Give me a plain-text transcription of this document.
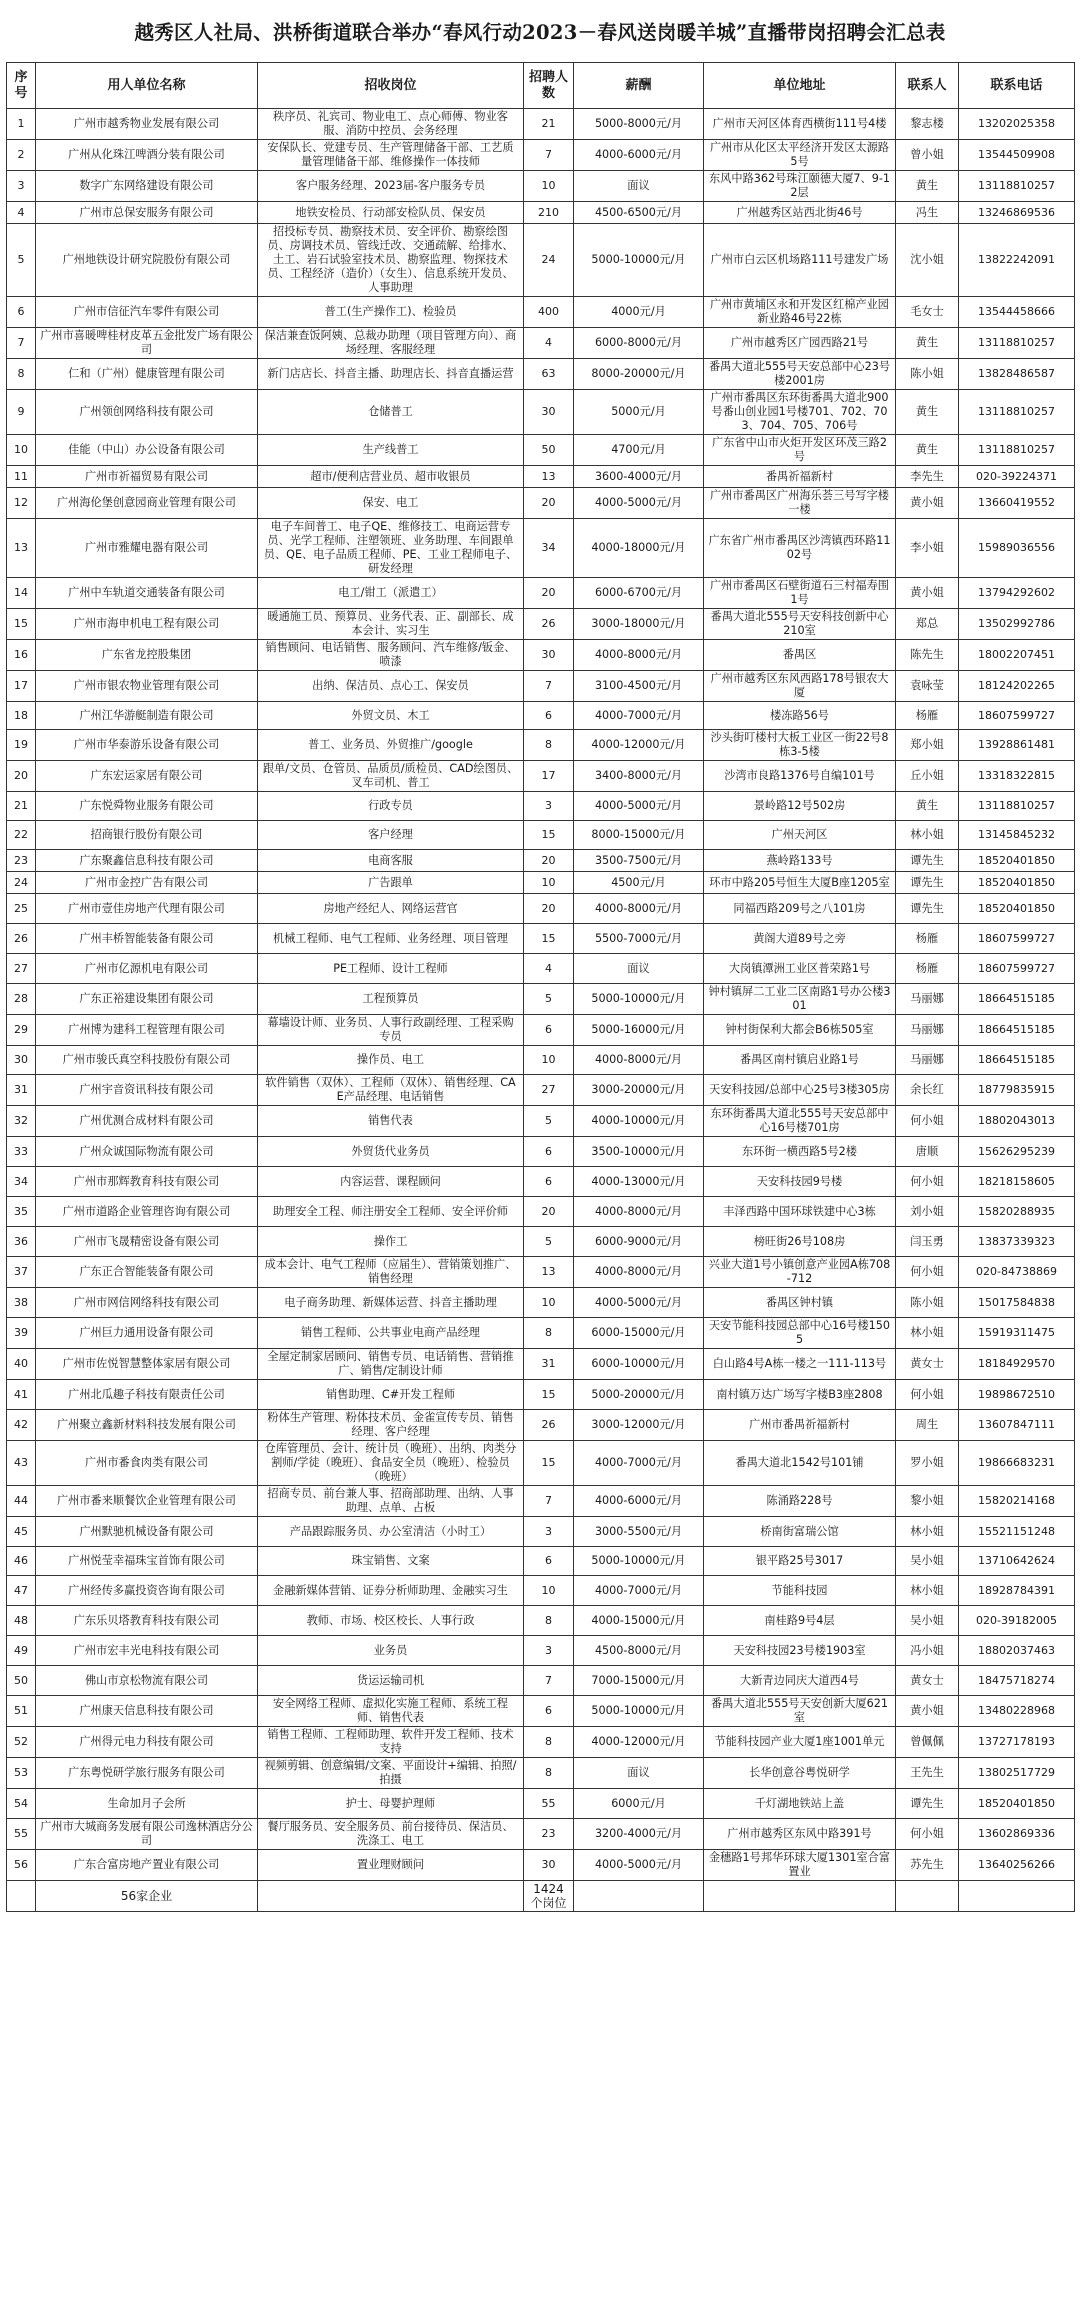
越秀区人社局、洪桥街道联合举办“春风行动2023－春风送岗暖羊城”直播带岗招聘会汇总表
序号	用人单位名称	招收岗位	招聘人数	薪酬	单位地址	联系人	联系电话
1	广州市越秀物业发展有限公司	秩序员、礼宾司、物业电工、点心师傅、物业客服、消防中控员、会务经理	21	5000-8000元/月	广州市天河区体育西横街111号4楼	黎志楼	13202025358
2	广州从化珠江啤酒分装有限公司	安保队长、党建专员、生产管理储备干部、工艺质量管理储备干部、维修操作一体技师	7	4000-6000元/月	广州市从化区太平经济开发区太源路5号	曾小姐	13544509908
3	数字广东网络建设有限公司	客户服务经理、2023届-客户服务专员	10	面议	东风中路362号珠江颐德大厦7、9-12层	黄生	13118810257
4	广州市总保安服务有限公司	地铁安检员、行动部安检队员、保安员	210	4500-6500元/月	广州越秀区站西北街46号	冯生	13246869536
5	广州地铁设计研究院股份有限公司	招投标专员、勘察技术员、安全评价、勘察绘图员、房调技术员、管线迁改、交通疏解、给排水、土工、岩石试验室技术员、勘察监理、物探技术员、工程经济（造价）（女生）、信息系统开发员、人事助理	24	5000-10000元/月	广州市白云区机场路111号建发广场	沈小姐	13822242091
6	广州市信征汽车零件有限公司	普工(生产操作工)、检验员	400	4000元/月	广州市黄埔区永和开发区红棉产业园新业路46号22栋	毛女士	13544458666
7	广州市喜暖啤桂材皮革五金批发广场有限公司	保洁兼查饭阿姨、总裁办助理（项目管理方向）、商场经理、客服经理	4	6000-8000元/月	广州市越秀区广园西路21号	黄生	13118810257
8	仁和（广州）健康管理有限公司	新门店店长、抖音主播、助理店长、抖音直播运营	63	8000-20000元/月	番禺大道北555号天安总部中心23号楼2001房	陈小姐	13828486587
9	广州领创网络科技有限公司	仓储普工	30	5000元/月	广州市番禺区东环街番禺大道北900号番山创业园1号楼701、702、703、704、705、706号	黄生	13118810257
10	佳能（中山）办公设备有限公司	生产线普工	50	4700元/月	广东省中山市火炬开发区环茂三路2号	黄生	13118810257
11	广州市祈福贸易有限公司	超市/便利店营业员、超市收银员	13	3600-4000元/月	番禺祈福新村	李先生	020-39224371
12	广州海伦堡创意园商业管理有限公司	保安、电工	20	4000-5000元/月	广州市番禺区广州海乐荟三号写字楼一楼	黄小姐	13660419552
13	广州市雅耀电器有限公司	电子车间普工、电子QE、维修技工、电商运营专员、光学工程师、注塑领班、业务助理、车间跟单员、QE、电子品质工程师、PE、工业工程师电子、研发经理	34	4000-18000元/月	广东省广州市番禺区沙湾镇西环路1102号	李小姐	15989036556
14	广州中车轨道交通装备有限公司	电工/钳工（派遣工）	20	6000-6700元/月	广州市番禺区石壁街道石三村福寿围1号	黄小姐	13794292602
15	广州市海申机电工程有限公司	暖通施工员、预算员、业务代表、正、副部长、成本会计、实习生	26	3000-18000元/月	番禺大道北555号天安科技创新中心210室	郑总	13502992786
16	广东省龙控股集团	销售顾问、电话销售、服务顾问、汽车维修/钣金、喷漆	30	4000-8000元/月	番禺区	陈先生	18002207451
17	广州市银农物业管理有限公司	出纳、保洁员、点心工、保安员	7	3100-4500元/月	广州市越秀区东风西路178号银农大厦	袁咏莹	18124202265
18	广州江华游艇制造有限公司	外贸文员、木工	6	4000-7000元/月	楼冻路56号	杨雁	18607599727
19	广州市华泰游乐设备有限公司	普工、业务员、外贸推广/google	8	4000-12000元/月	沙头街叮楼村大板工业区一街22号8栋3-5楼	郑小姐	13928861481
20	广东宏运家居有限公司	跟单/文员、仓管员、品质员/质检员、CAD绘图员、叉车司机、普工	17	3400-8000元/月	沙湾市良路1376号自编101号	丘小姐	13318322815
21	广东悦舜物业服务有限公司	行政专员	3	4000-5000元/月	景岭路12号502房	黄生	13118810257
22	招商银行股份有限公司	客户经理	15	8000-15000元/月	广州天河区	林小姐	13145845232
23	广东聚鑫信息科技有限公司	电商客服	20	3500-7500元/月	燕岭路133号	谭先生	18520401850
24	广州市金控广告有限公司	广告跟单	10	4500元/月	环市中路205号恒生大厦B座1205室	谭先生	18520401850
25	广州市壹佳房地产代理有限公司	房地产经纪人、网络运营官	20	4000-8000元/月	同福西路209号之八101房	谭先生	18520401850
26	广州丰桥智能装备有限公司	机械工程师、电气工程师、业务经理、项目管理	15	5500-7000元/月	黄阁大道89号之旁	杨雁	18607599727
27	广州市亿源机电有限公司	PE工程师、设计工程师	4	面议	大岗镇潭洲工业区普荣路1号	杨雁	18607599727
28	广东正裕建设集团有限公司	工程预算员	5	5000-10000元/月	钟村镇屏二工业二区南路1号办公楼301	马丽娜	18664515185
29	广州博为建科工程管理有限公司	幕墙设计师、业务员、人事行政副经理、工程采购专员	6	5000-16000元/月	钟村街保利大都会B6栋505室	马丽娜	18664515185
30	广州市骏氏真空科技股份有限公司	操作员、电工	10	4000-8000元/月	番禺区南村镇启业路1号	马丽娜	18664515185
31	广州宇音资讯科技有限公司	软件销售（双休）、工程师（双休）、销售经理、CAE产品经理、电话销售	27	3000-20000元/月	天安科技园/总部中心25号3楼305房	余长红	18779835915
32	广州优测合成材料有限公司	销售代表	5	4000-10000元/月	东环街番禺大道北555号天安总部中心16号楼701房	何小姐	18802043013
33	广州众诚国际物流有限公司	外贸货代业务员	6	3500-10000元/月	东环街一横西路5号2楼	唐顺	15626295239
34	广州市那辉教育科技有限公司	内容运营、课程顾问	6	4000-13000元/月	天安科技园9号楼	何小姐	18218158605
35	广州市道路企业管理咨询有限公司	助理安全工程、师注册安全工程师、安全评价师	20	4000-8000元/月	丰泽西路中国环球铁建中心3栋	刘小姐	15820288935
36	广州市飞晟精密设备有限公司	操作工	5	6000-9000元/月	榜旺街26号108房	闫玉勇	13837339323
37	广东正合智能装备有限公司	成本会计、电气工程师（应届生）、营销策划推广、销售经理	13	4000-8000元/月	兴业大道1号小镇创意产业园A栋708-712	何小姐	020-84738869
38	广州市网信网络科技有限公司	电子商务助理、新媒体运营、抖音主播助理	10	4000-5000元/月	番禺区钟村镇	陈小姐	15017584838
39	广州巨力通用设备有限公司	销售工程师、公共事业电商产品经理	8	6000-15000元/月	天安节能科技园总部中心16号楼1505	林小姐	15919311475
40	广州市佐悦智慧整体家居有限公司	全屋定制家居顾问、销售专员、电话销售、营销推广、销售/定制设计师	31	6000-10000元/月	白山路4号A栋一楼之一111-113号	黄女士	18184929570
41	广州北瓜趣子科技有限责任公司	销售助理、C#开发工程师	15	5000-20000元/月	南村镇万达广场写字楼B3座2808	何小姐	19898672510
42	广州聚立鑫新材料科技发展有限公司	粉体生产管理、粉体技术员、金雀宣传专员、销售经理、客户经理	26	3000-12000元/月	广州市番禺祈福新村	周生	13607847111
43	广州市番食肉类有限公司	仓库管理员、会计、统计员（晚班）、出纳、肉类分割师/学徒（晚班）、食品安全员（晚班）、检验员（晚班）	15	4000-7000元/月	番禺大道北1542号101铺	罗小姐	19866683231
44	广州市番来顺餐饮企业管理有限公司	招商专员、前台兼人事、招商部助理、出纳、人事助理、点单、占板	7	4000-6000元/月	陈涌路228号	黎小姐	15820214168
45	广州默驰机械设备有限公司	产品跟踪服务员、办公室清洁（小时工）	3	3000-5500元/月	桥南街富瑞公馆	林小姐	15521151248
46	广州悦莹幸福珠宝首饰有限公司	珠宝销售、文案	6	5000-10000元/月	银平路25号3017	吴小姐	13710642624
47	广州经传多赢投资咨询有限公司	金融新媒体营销、证券分析师助理、金融实习生	10	4000-7000元/月	节能科技园	林小姐	18928784391
48	广东乐贝塔教育科技有限公司	教师、市场、校区校长、人事行政	8	4000-15000元/月	南桂路9号4层	吴小姐	020-39182005
49	广州市宏丰光电科技有限公司	业务员	3	4500-8000元/月	天安科技园23号楼1903室	冯小姐	18802037463
50	佛山市京松物流有限公司	货运运输司机	7	7000-15000元/月	大新青边同庆大道西4号	黄女士	18475718274
51	广州康天信息科技有限公司	安全网络工程师、虚拟化实施工程师、系统工程师、销售代表	6	5000-10000元/月	番禺大道北555号天安创新大厦621室	黄小姐	13480228968
52	广州得元电力科技有限公司	销售工程师、工程师助理、软件开发工程师、技术支持	8	4000-12000元/月	节能科技园产业大厦1座1001单元	曾佩佩	13727178193
53	广东粤悦研学旅行服务有限公司	视频剪辑、创意编辑/文案、平面设计+编辑、拍照/拍摄	8	面议	长华创意谷粤悦研学	王先生	13802517729
54	生命加月子会所	护士、母婴护理师	55	6000元/月	千灯湖地铁站上盖	谭先生	18520401850
55	广州市大城商务发展有限公司逸林酒店分公司	餐厅服务员、安全服务员、前台接待员、保洁员、洗涤工、电工	23	3200-4000元/月	广州市越秀区东风中路391号	何小姐	13602869336
56	广东合富房地产置业有限公司	置业理财顾问	30	4000-5000元/月	金穗路1号邦华环球大厦1301室合富置业	苏先生	13640256266
	56家企业		1424个岗位				
